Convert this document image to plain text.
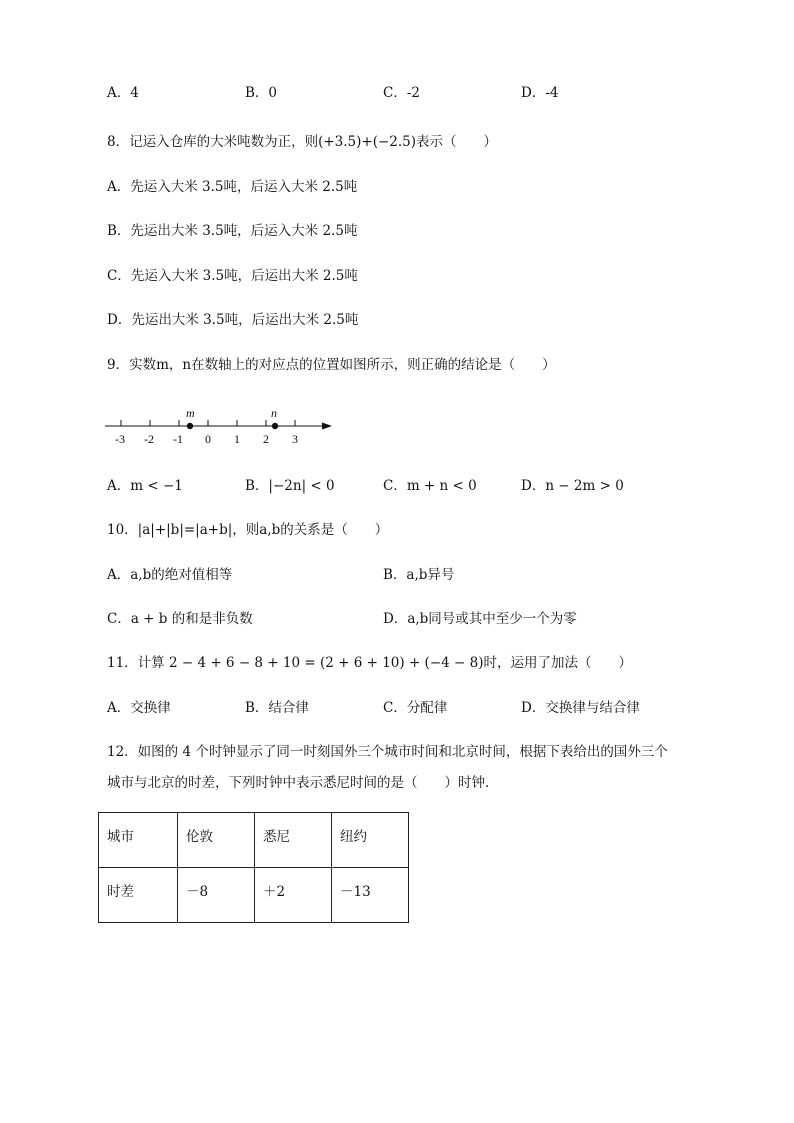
A．4	B．0	C．-2	D．-4
8．记运入仓库的大米吨数为正，则(+3.5)+(−2.5)表示（　　）
A．先运入大米 3.5吨，后运入大米 2.5吨
B．先运出大米 3.5吨，后运入大米 2.5吨
C．先运入大米 3.5吨，后运出大米 2.5吨
D．先运出大米 3.5吨，后运出大米 2.5吨
9．实数m，n在数轴上的对应点的位置如图所示，则正确的结论是（　　）
-3 -2 -1 0 1 2 3
m	n
A．m < −1	B．|−2n| < 0	C．m + n < 0	D．n − 2m > 0
10．|a|+|b|=|a+b|，则a,b的关系是（　　）
A．a,b的绝对值相等	B．a,b异号
C．a + b 的和是非负数	D．a,b同号或其中至少一个为零
11．计算 2 − 4 + 6 − 8 + 10 = (2 + 6 + 10) + (−4 − 8)时，运用了加法（　　）
A．交换律	B．结合律	C．分配律	D．交换律与结合律
12．如图的 4 个时钟显示了同一时刻国外三个城市时间和北京时间，根据下表给出的国外三个
城市与北京的时差，下列时钟中表示悉尼时间的是（　　）时钟．
城市	伦敦	悉尼	纽约
时差	－8	＋2	－13
